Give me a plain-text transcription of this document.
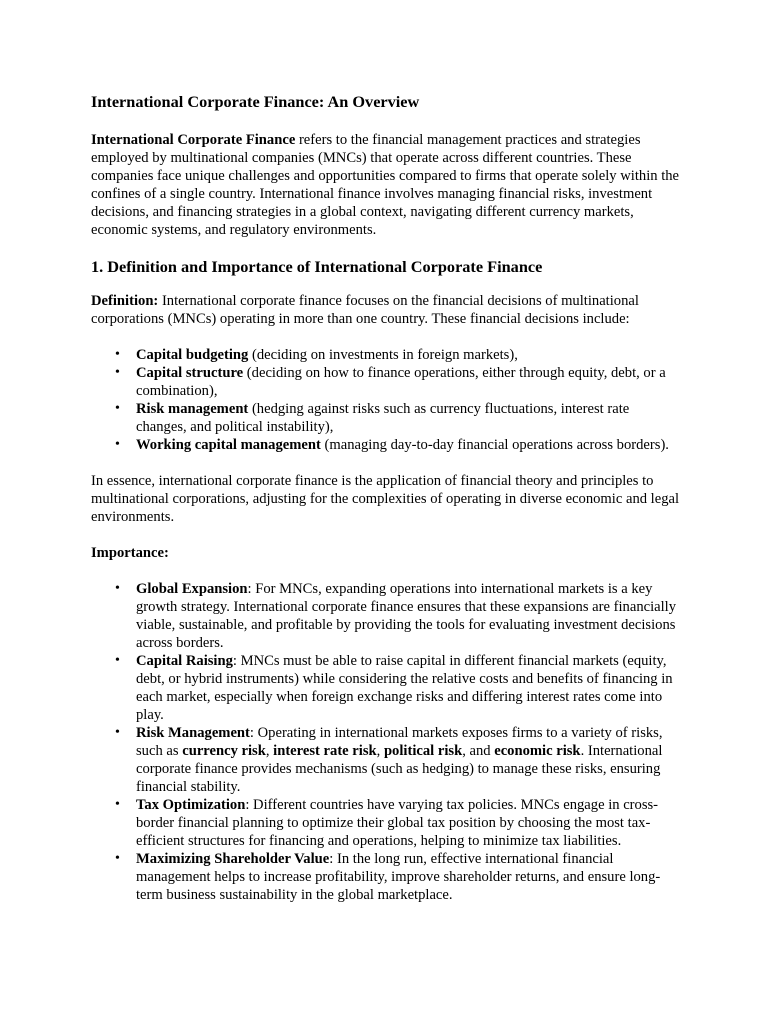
International Corporate Finance: An Overview

International Corporate Finance refers to the financial management practices and strategies employed by multinational companies (MNCs) that operate across different countries. These companies face unique challenges and opportunities compared to firms that operate solely within the confines of a single country. International finance involves managing financial risks, investment decisions, and financing strategies in a global context, navigating different currency markets, economic systems, and regulatory environments.

1. Definition and Importance of International Corporate Finance

Definition: International corporate finance focuses on the financial decisions of multinational corporations (MNCs) operating in more than one country. These financial decisions include:

• Capital budgeting (deciding on investments in foreign markets),
• Capital structure (deciding on how to finance operations, either through equity, debt, or a combination),
• Risk management (hedging against risks such as currency fluctuations, interest rate changes, and political instability),
• Working capital management (managing day-to-day financial operations across borders).

In essence, international corporate finance is the application of financial theory and principles to multinational corporations, adjusting for the complexities of operating in diverse economic and legal environments.

Importance:

• Global Expansion: For MNCs, expanding operations into international markets is a key growth strategy. International corporate finance ensures that these expansions are financially viable, sustainable, and profitable by providing the tools for evaluating investment decisions across borders.
• Capital Raising: MNCs must be able to raise capital in different financial markets (equity, debt, or hybrid instruments) while considering the relative costs and benefits of financing in each market, especially when foreign exchange risks and differing interest rates come into play.
• Risk Management: Operating in international markets exposes firms to a variety of risks, such as currency risk, interest rate risk, political risk, and economic risk. International corporate finance provides mechanisms (such as hedging) to manage these risks, ensuring financial stability.
• Tax Optimization: Different countries have varying tax policies. MNCs engage in cross-border financial planning to optimize their global tax position by choosing the most tax-efficient structures for financing and operations, helping to minimize tax liabilities.
• Maximizing Shareholder Value: In the long run, effective international financial management helps to increase profitability, improve shareholder returns, and ensure long-term business sustainability in the global marketplace.
